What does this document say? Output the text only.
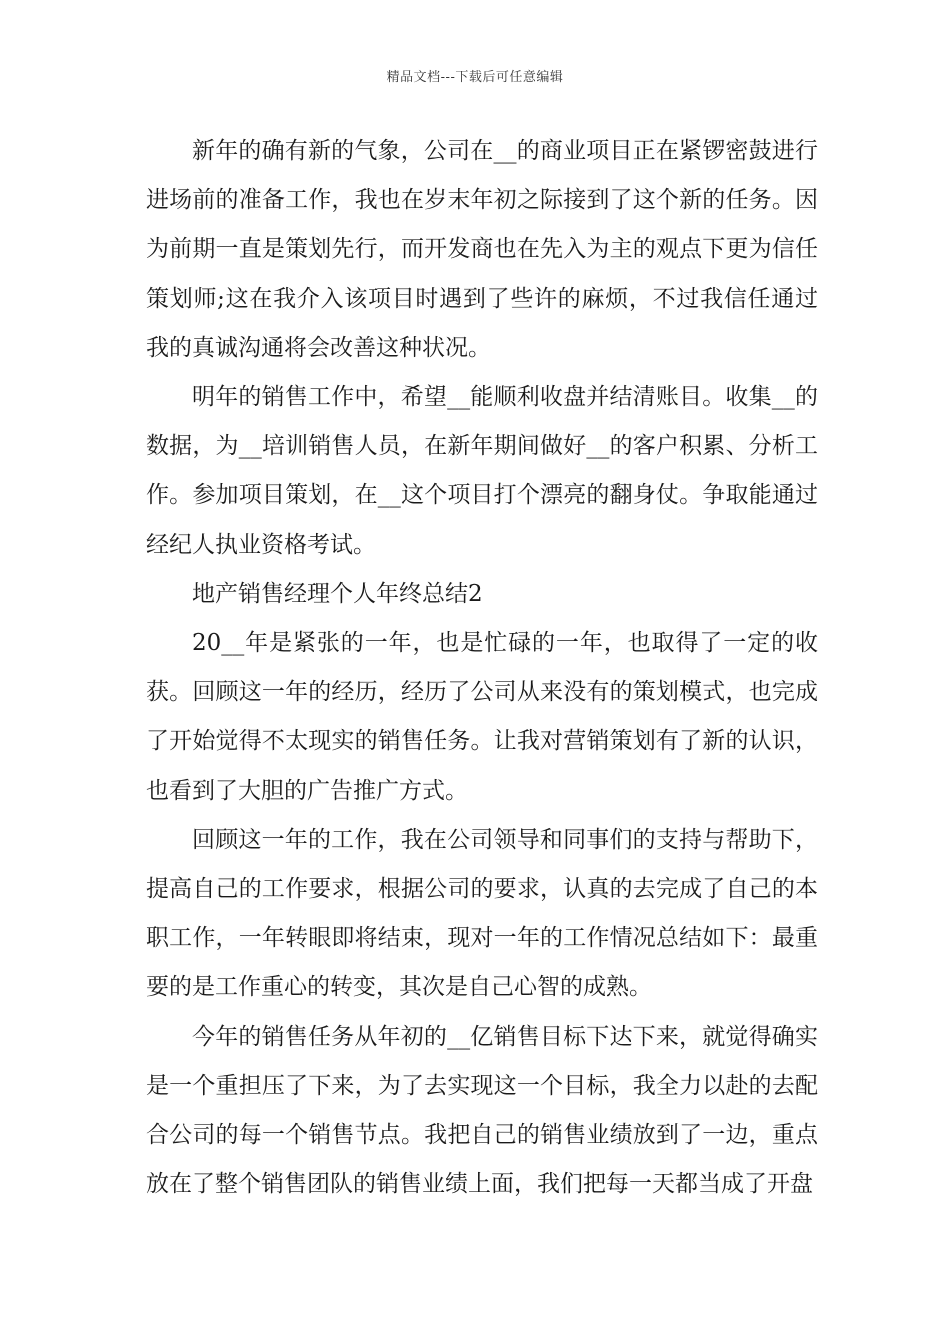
精品文档---下载后可任意编辑

新年的确有新的气象，公司在__的商业项目正在紧锣密鼓进行进场前的准备工作，我也在岁末年初之际接到了这个新的任务。因为前期一直是策划先行，而开发商也在先入为主的观点下更为信任策划师;这在我介入该项目时遇到了些许的麻烦，不过我信任通过我的真诚沟通将会改善这种状况。

明年的销售工作中，希望__能顺利收盘并结清账目。收集__的数据，为__培训销售人员，在新年期间做好__的客户积累、分析工作。参加项目策划，在__这个项目打个漂亮的翻身仗。争取能通过经纪人执业资格考试。

地产销售经理个人年终总结2

20__年是紧张的一年，也是忙碌的一年，也取得了一定的收获。回顾这一年的经历，经历了公司从来没有的策划模式，也完成了开始觉得不太现实的销售任务。让我对营销策划有了新的认识，也看到了大胆的广告推广方式。

回顾这一年的工作，我在公司领导和同事们的支持与帮助下，提高自己的工作要求，根据公司的要求，认真的去完成了自己的本职工作，一年转眼即将结束，现对一年的工作情况总结如下：最重要的是工作重心的转变，其次是自己心智的成熟。

今年的销售任务从年初的__亿销售目标下达下来，就觉得确实是一个重担压了下来，为了去实现这一个目标，我全力以赴的去配合公司的每一个销售节点。我把自己的销售业绩放到了一边，重点放在了整个销售团队的销售业绩上面，我们把每一天都当成了开盘
